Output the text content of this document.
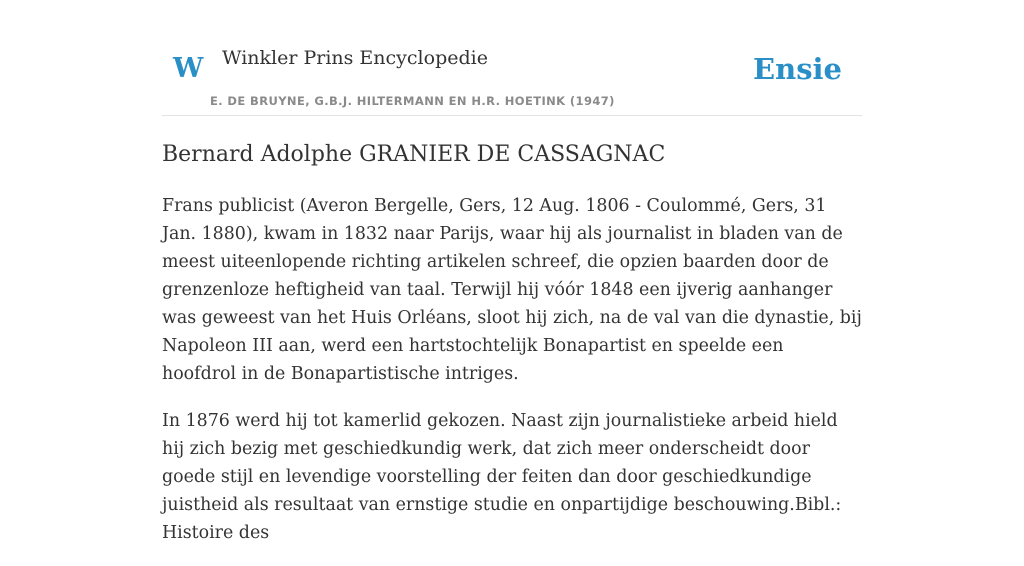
W Winkler Prins Encyclopedie
E. DE BRUYNE, G.B.J. HILTERMANN EN H.R. HOETINK (1947)
Ensie
Bernard Adolphe GRANIER DE CASSAGNAC

Frans publicist (Averon Bergelle, Gers, 12 Aug. 1806 - Coulommé, Gers, 31 Jan. 1880), kwam in 1832 naar Parijs, waar hij als journalist in bladen van de meest uiteenlopende richting artikelen schreef, die opzien baarden door de grenzenloze heftigheid van taal. Terwijl hij vóór 1848 een ijverig aanhanger was geweest van het Huis Orléans, sloot hij zich, na de val van die dynastie, bij Napoleon III aan, werd een hartstochtelijk Bonapartist en speelde een hoofdrol in de Bonapartistische intriges.

In 1876 werd hij tot kamerlid gekozen. Naast zijn journalistieke arbeid hield hij zich bezig met geschiedkundig werk, dat zich meer onderscheidt door goede stijl en levendige voorstelling der feiten dan door geschiedkundige juistheid als resultaat van ernstige studie en onpartijdige beschouwing.Bibl.: Histoire des
